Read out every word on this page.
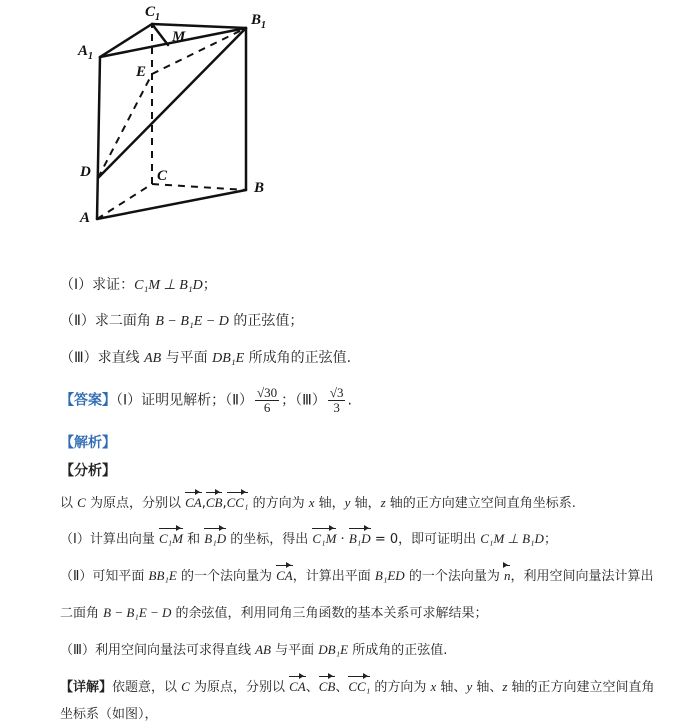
$A_1$
$C_1$	$B_1$
M
E
D	C
A
B
（Ⅰ）求证：C₁M ⊥ B₁D；
（Ⅱ）求二面角 B − B₁E − D 的正弦值；
（Ⅲ）求直线 AB 与平面 DB₁E 所成角的正弦值.
【答案】（Ⅰ）证明见解析；（Ⅱ） $\frac{√30}{6}$ ；（Ⅲ） $\frac{√3}{3}$ .
【解析】
【分析】
以 C 为原点，分别以 CA,CB,CC₁ 的方向为 x 轴，y 轴，z 轴的正方向建立空间直角坐标系.
（Ⅰ）计算出向量 C₁M 和 B₁D 的坐标，得出 C₁M · B₁D = 0，即可证明出 C₁M ⊥ B₁D；
（Ⅱ）可知平面 BB₁E 的一个法向量为 CA，计算出平面 B₁ED 的一个法向量为 n，利用空间向量法计算出
二面角 B − B₁E − D 的余弦值，利用同角三角函数的基本关系可求解结果；
（Ⅲ）利用空间向量法可求得直线 AB 与平面 DB₁E 所成角的正弦值.
【详解】依题意，以 C 为原点，分别以 CA、CB、CC₁ 的方向为 x 轴、y 轴、z 轴的正方向建立空间直角
坐标系（如图），
